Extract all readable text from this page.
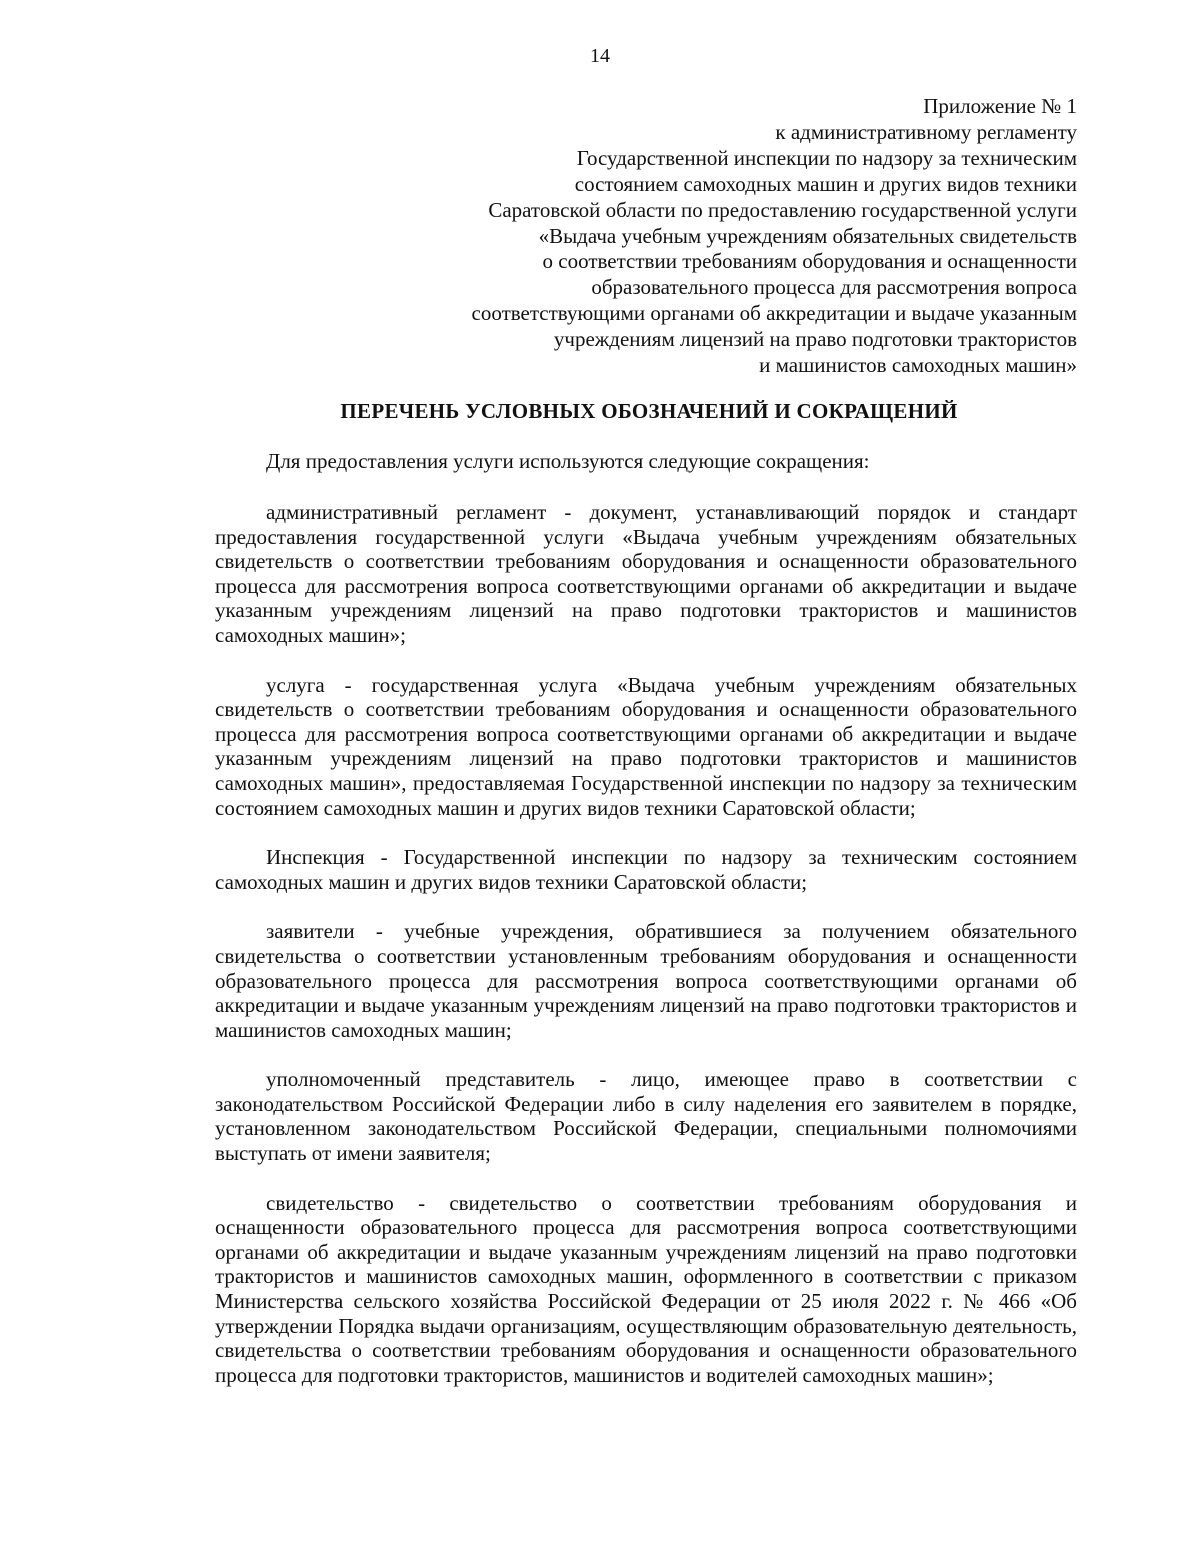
14
Приложение № 1
к административному регламенту
Государственной инспекции по надзору за техническим
состоянием самоходных машин и других видов техники
Саратовской области по предоставлению государственной услуги
«Выдача учебным учреждениям обязательных свидетельств
о соответствии требованиям оборудования и оснащенности
образовательного процесса для рассмотрения вопроса
соответствующими органами об аккредитации и выдаче указанным
учреждениям лицензий на право подготовки трактористов
и машинистов самоходных машин»
ПЕРЕЧЕНЬ УСЛОВНЫХ ОБОЗНАЧЕНИЙ И СОКРАЩЕНИЙ
Для предоставления услуги используются следующие сокращения:

административный регламент - документ, устанавливающий порядок и стандарт предоставления государственной услуги «Выдача учебным учреждениям обязательных свидетельств о соответствии требованиям оборудования и оснащенности образовательного процесса для рассмотрения вопроса соответствующими органами об аккредитации и выдаче указанным учреждениям лицензий на право подготовки трактористов и машинистов самоходных машин»;

услуга - государственная услуга «Выдача учебным учреждениям обязательных свидетельств о соответствии требованиям оборудования и оснащенности образовательного процесса для рассмотрения вопроса соответствующими органами об аккредитации и выдаче указанным учреждениям лицензий на право подготовки трактористов и машинистов самоходных машин», предоставляемая Государственной инспекции по надзору за техническим состоянием самоходных машин и других видов техники Саратовской области;

Инспекция - Государственной инспекции по надзору за техническим состоянием самоходных машин и других видов техники Саратовской области;

заявители - учебные учреждения, обратившиеся за получением обязательного свидетельства о соответствии установленным требованиям оборудования и оснащенности образовательного процесса для рассмотрения вопроса соответствующими органами об аккредитации и выдаче указанным учреждениям лицензий на право подготовки трактористов и машинистов самоходных машин;

уполномоченный представитель - лицо, имеющее право в соответствии с законодательством Российской Федерации либо в силу наделения его заявителем в порядке, установленном законодательством Российской Федерации, специальными полномочиями выступать от имени заявителя;

свидетельство - свидетельство о соответствии требованиям оборудования и оснащенности образовательного процесса для рассмотрения вопроса соответствующими органами об аккредитации и выдаче указанным учреждениям лицензий на право подготовки трактористов и машинистов самоходных машин, оформленного в соответствии с приказом Министерства сельского хозяйства Российской Федерации от 25 июля 2022 г. № 466 «Об утверждении Порядка выдачи организациям, осуществляющим образовательную деятельность, свидетельства о соответствии требованиям оборудования и оснащенности образовательного процесса для подготовки трактористов, машинистов и водителей самоходных машин»;
